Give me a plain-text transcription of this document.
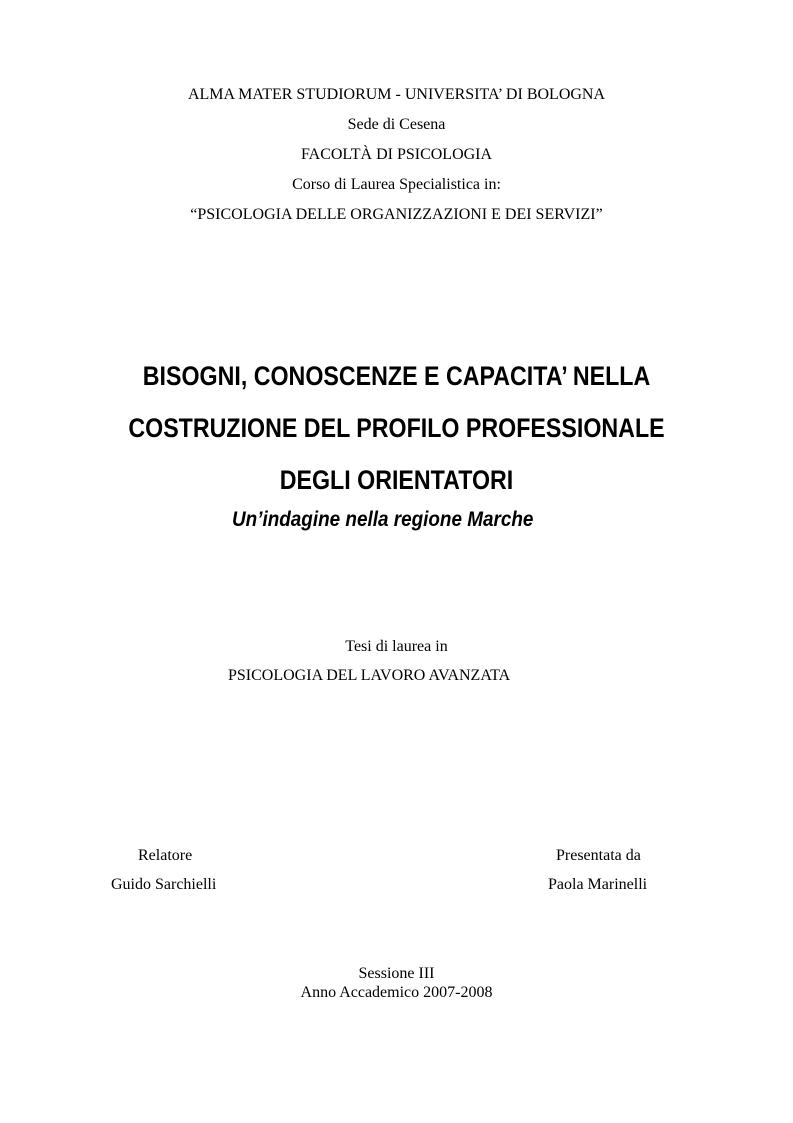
ALMA MATER STUDIORUM - UNIVERSITA’ DI BOLOGNA
Sede di Cesena
FACOLTÀ DI PSICOLOGIA
Corso di Laurea Specialistica in:
“PSICOLOGIA DELLE ORGANIZZAZIONI E DEI SERVIZI”
BISOGNI, CONOSCENZE E CAPACITA’ NELLA
COSTRUZIONE DEL PROFILO PROFESSIONALE
DEGLI ORIENTATORI
Un’indagine nella regione Marche
Tesi di laurea in
PSICOLOGIA DEL LAVORO AVANZATA
Relatore
Guido Sarchielli
Presentata da
Paola Marinelli
Sessione III
Anno Accademico 2007-2008
